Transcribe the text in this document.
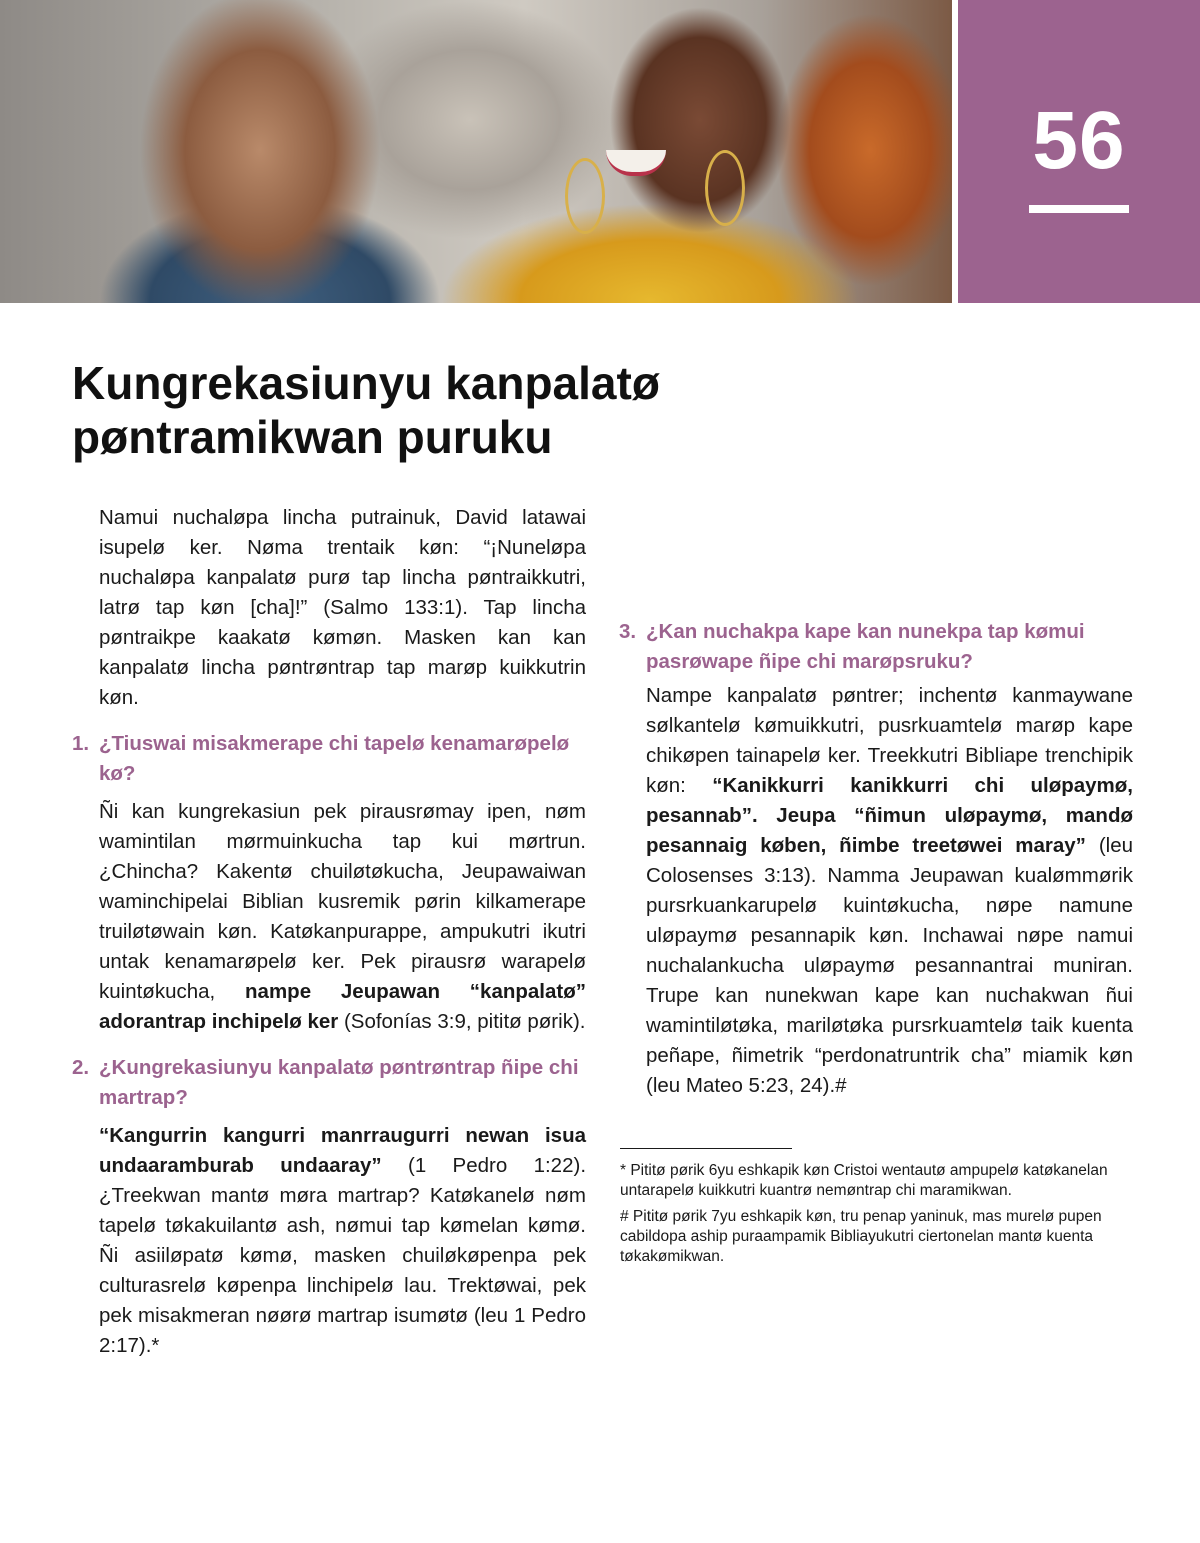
56
Kungrekasiunyu kanpalatø
pøntramikwan puruku

Namui nuchaløpa lincha putrainuk, David latawai isupelø ker. Nøma trentaik køn: “¡Nuneløpa nuchaløpa kanpalatø purø tap lincha pøntraikkutri, latrø tap køn [cha]!” (Salmo 133:1). Tap lincha pøntraikpe kaakatø kømøn. Masken kan kan kanpalatø lincha pøntrøntrap tap marøp kuikkutrin køn.

1. ¿Tiuswai misakmerape chi tapelø kenamarøpelø kø?

Ñi kan kungrekasiun pek pirausrømay ipen, nøm wamintilan mørmuinkucha tap kui mørtrun. ¿Chincha? Kakentø chuiløtøkucha, Jeupawaiwan waminchipelai Biblian kusremik pørin kilkamerape truiløtøwain køn. Katøkanpurappe, ampukutri ikutri untak kenamarøpelø ker. Pek pirausrø warapelø kuintøkucha, nampe Jeupawan “kanpalatø” adorantrap inchipelø ker (Sofonías 3:9, pititø pørik).

2. ¿Kungrekasiunyu kanpalatø pøntrøntrap ñipe chi martrap?

“Kangurrin kangurri manrraugurri newan isua undaaramburab undaaray” (1 Pedro 1:22). ¿Treekwan mantø møra martrap? Katøkanelø nøm tapelø tøkakuilantø ash, nømui tap kømelan kømø. Ñi asiiløpatø kømø, masken chuiløkøpenpa pek culturasrelø køpenpa linchipelø lau. Trektøwai, pek pek misakmeran nøørø martrap isumøtø (leu 1 Pedro 2:17).*

3. ¿Kan nuchakpa kape kan nunekpa tap kømui pasrøwape ñipe chi marøpsruku?

Nampe kanpalatø pøntrer; inchentø kanmaywane sølkantelø kømuikkutri, pusrkuamtelø marøp kape chikøpen tainapelø ker. Treekkutri Bibliape trenchipik køn: “Kanikkurri kanikkurri chi uløpaymø, pesannab”. Jeupa “ñimun uløpaymø, mandø pesannaig køben, ñimbe treetøwei maray” (leu Colosenses 3:13). Namma Jeupawan kualømmørik pursrkuankarupelø kuintøkucha, nøpe namune uløpaymø pesannapik køn. Inchawai nøpe namui nuchalankucha uløpaymø pesannantrai muniran. Trupe kan nunekwan kape kan nuchakwan ñui wamintiløtøka, mariløtøka pursrkuamtelø taik kuenta peñape, ñimetrik “perdonatruntrik cha” miamik køn (leu Mateo 5:23, 24).#

* Pititø pørik 6yu eshkapik køn Cristoi wentautø ampupelø katøkanelan untarapelø kuikkutri kuantrø nemøntrap chi maramikwan.

# Pititø pørik 7yu eshkapik køn, tru penap yaninuk, mas murelø pupen cabildopa aship puraampamik Bibliayukutri ciertonelan mantø kuenta tøkakømikwan.
